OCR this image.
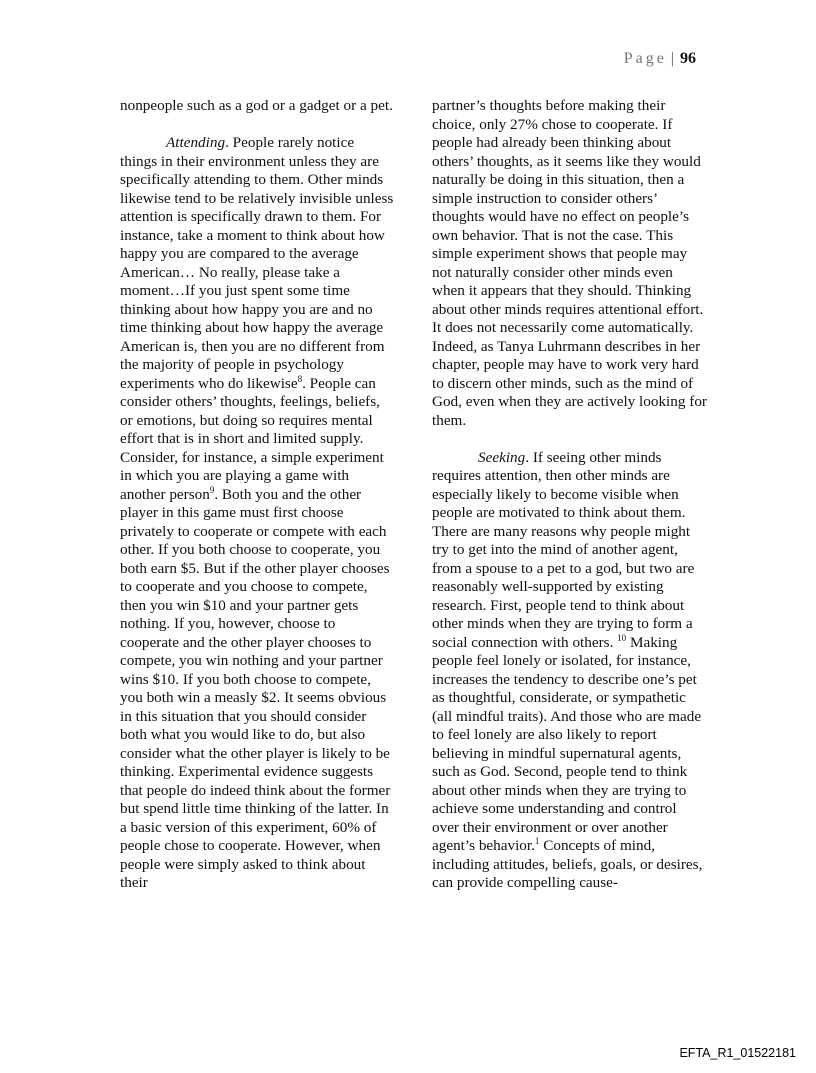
Page | 96

nonpeople such as a god or a gadget or a pet.

Attending. People rarely notice things in their environment unless they are specifically attending to them. Other minds likewise tend to be relatively invisible unless attention is specifically drawn to them. For instance, take a moment to think about how happy you are compared to the average American… No really, please take a moment…If you just spent some time thinking about how happy you are and no time thinking about how happy the average American is, then you are no different from the majority of people in psychology experiments who do likewise$^8$. People can consider others’ thoughts, feelings, beliefs, or emotions, but doing so requires mental effort that is in short and limited supply. Consider, for instance, a simple experiment in which you are playing a game with another person$^9$. Both you and the other player in this game must first choose privately to cooperate or compete with each other. If you both choose to cooperate, you both earn $5. But if the other player chooses to cooperate and you choose to compete, then you win $10 and your partner gets nothing. If you, however, choose to cooperate and the other player chooses to compete, you win nothing and your partner wins $10. If you both choose to compete, you both win a measly $2. It seems obvious in this situation that you should consider both what you would like to do, but also consider what the other player is likely to be thinking. Experimental evidence suggests that people do indeed think about the former but spend little time thinking of the latter. In a basic version of this experiment, 60% of people chose to cooperate. However, when people were simply asked to think about their

partner’s thoughts before making their choice, only 27% chose to cooperate. If people had already been thinking about others’ thoughts, as it seems like they would naturally be doing in this situation, then a simple instruction to consider others’ thoughts would have no effect on people’s own behavior. That is not the case. This simple experiment shows that people may not naturally consider other minds even when it appears that they should. Thinking about other minds requires attentional effort. It does not necessarily come automatically. Indeed, as Tanya Luhrmann describes in her chapter, people may have to work very hard to discern other minds, such as the mind of God, even when they are actively looking for them.

Seeking. If seeing other minds requires attention, then other minds are especially likely to become visible when people are motivated to think about them. There are many reasons why people might try to get into the mind of another agent, from a spouse to a pet to a god, but two are reasonably well-supported by existing research. First, people tend to think about other minds when they are trying to form a social connection with others. $^{10}$ Making people feel lonely or isolated, for instance, increases the tendency to describe one’s pet as thoughtful, considerate, or sympathetic (all mindful traits). And those who are made to feel lonely are also likely to report believing in mindful supernatural agents, such as God. Second, people tend to think about other minds when they are trying to achieve some understanding and control over their environment or over another agent’s behavior.$^1$ Concepts of mind, including attitudes, beliefs, goals, or desires, can provide compelling cause-

EFTA_R1_01522181
